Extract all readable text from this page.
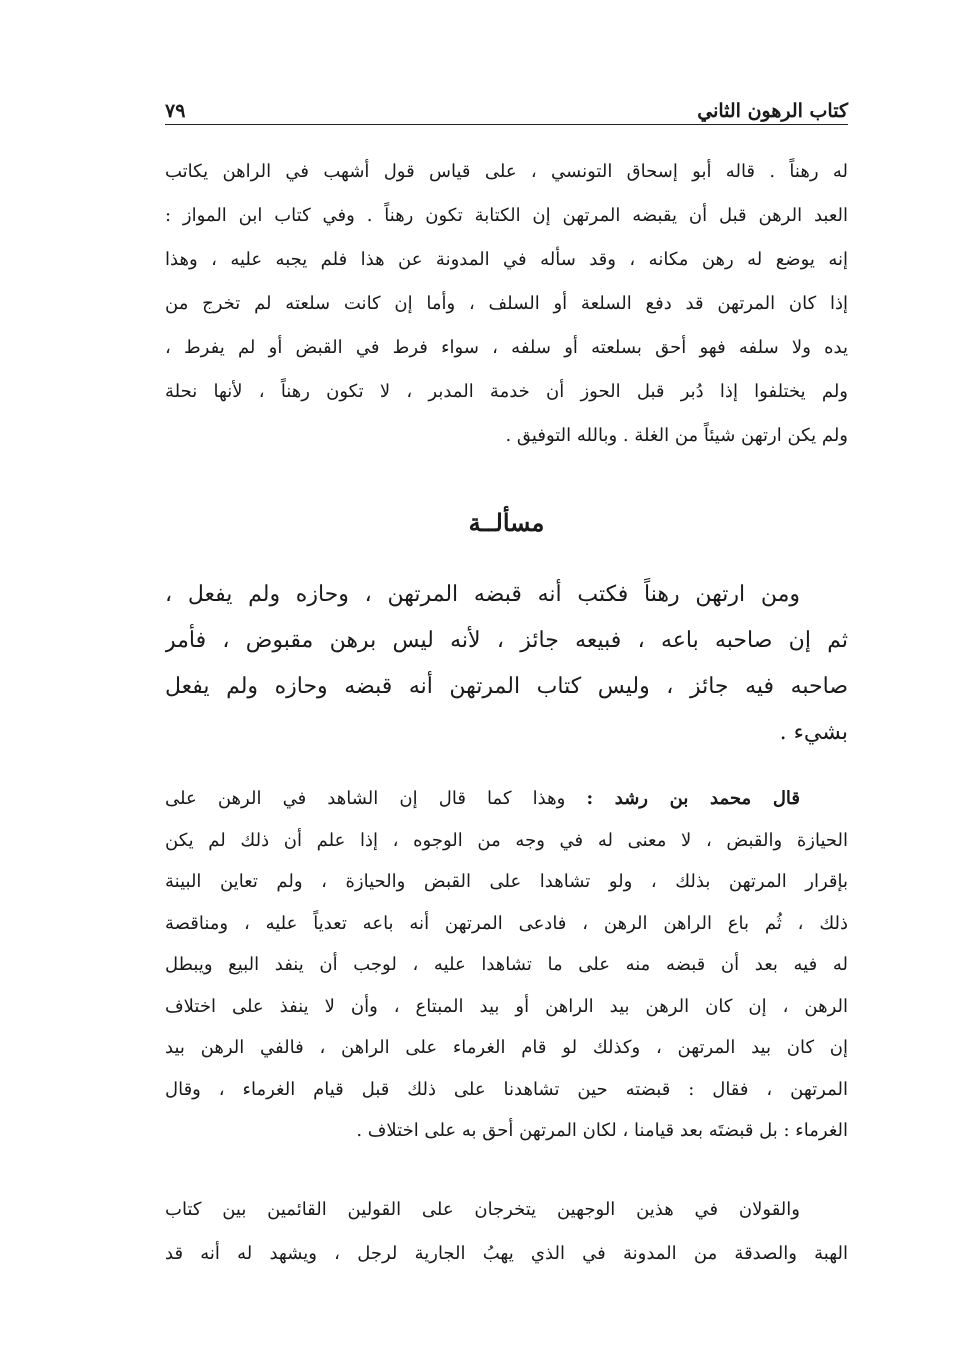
كتاب الرهون الثاني
٧٩
له رهناً . قاله أبو إسحاق التونسي ، على قياس قول أشهب في الراهن يكاتب
العبد الرهن قبل أن يقبضه المرتهن إن الكتابة تكون رهناً . وفي كتاب ابن المواز :
إنه يوضع له رهن مكانه ، وقد سأله في المدونة عن هذا فلم يجبه عليه ، وهذا
إذا كان المرتهن قد دفع السلعة أو السلف ، وأما إن كانت سلعته لم تخرج من
يده ولا سلفه فهو أحق بسلعته أو سلفه ، سواء فرط في القبض أو لم يفرط ،
ولم يختلفوا إذا دُبر قبل الحوز أن خدمة المدبر ، لا تكون رهناً ، لأنها نحلة
ولم يكن ارتهن شيئاً من الغلة . وبالله التوفيق .
مسألــة
ومن ارتهن رهناً فكتب أنه قبضه المرتهن ، وحازه ولم يفعل ،
ثم إن صاحبه باعه ، فبيعه جائز ، لأنه ليس برهن مقبوض ، فأمر
صاحبه فيه جائز ، وليس كتاب المرتهن أنه قبضه وحازه ولم يفعل
بشيء .
قال محمد بن رشد : وهذا كما قال إن الشاهد في الرهن على
الحيازة والقبض ، لا معنى له في وجه من الوجوه ، إذا علم أن ذلك لم يكن
بإقرار المرتهن بذلك ، ولو تشاهدا على القبض والحيازة ، ولم تعاين البينة
ذلك ، ثُم باع الراهن الرهن ، فادعى المرتهن أنه باعه تعدياً عليه ، ومناقصة
له فيه بعد أن قبضه منه على ما تشاهدا عليه ، لوجب أن ينفد البيع ويبطل
الرهن ، إن كان الرهن بيد الراهن أو بيد المبتاع ، وأن لا ينفذ على اختلاف
إن كان بيد المرتهن ، وكذلك لو قام الغرماء على الراهن ، فالفي الرهن بيد
المرتهن ، فقال : قبضته حين تشاهدنا على ذلك قبل قيام الغرماء ، وقال
الغرماء : بل قبضتَه بعد قيامنا ، لكان المرتهن أحق به على اختلاف .
والقولان في هذين الوجهين يتخرجان على القولين القائمين بين كتاب
الهبة والصدقة من المدونة في الذي يهبُ الجارية لرجل ، ويشهد له أنه قد
